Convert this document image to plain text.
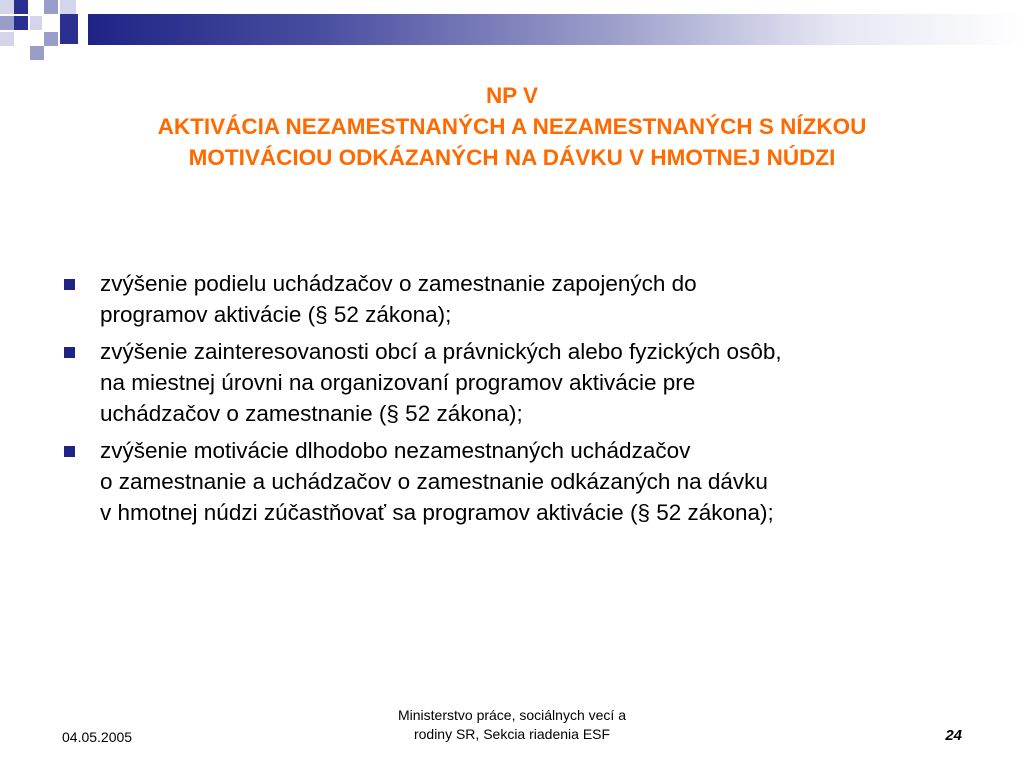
NP V
AKTIVÁCIA NEZAMESTNANÝCH A NEZAMESTNANÝCH S NÍZKOU
MOTIVÁCIOU ODKÁZANÝCH NA DÁVKU V HMOTNEJ NÚDZI
zvýšenie podielu uchádzačov o zamestnanie zapojených do
programov aktivácie (§ 52 zákona);
zvýšenie zainteresovanosti obcí a právnických alebo fyzických osôb,
na miestnej úrovni na organizovaní programov aktivácie pre
uchádzačov o zamestnanie (§ 52 zákona);
zvýšenie motivácie dlhodobo nezamestnaných uchádzačov
o zamestnanie a uchádzačov o zamestnanie odkázaných na dávku
v hmotnej núdzi zúčastňovať sa programov aktivácie (§ 52 zákona);
04.05.2005
Ministerstvo práce, sociálnych vecí a
rodiny SR, Sekcia riadenia ESF	24
